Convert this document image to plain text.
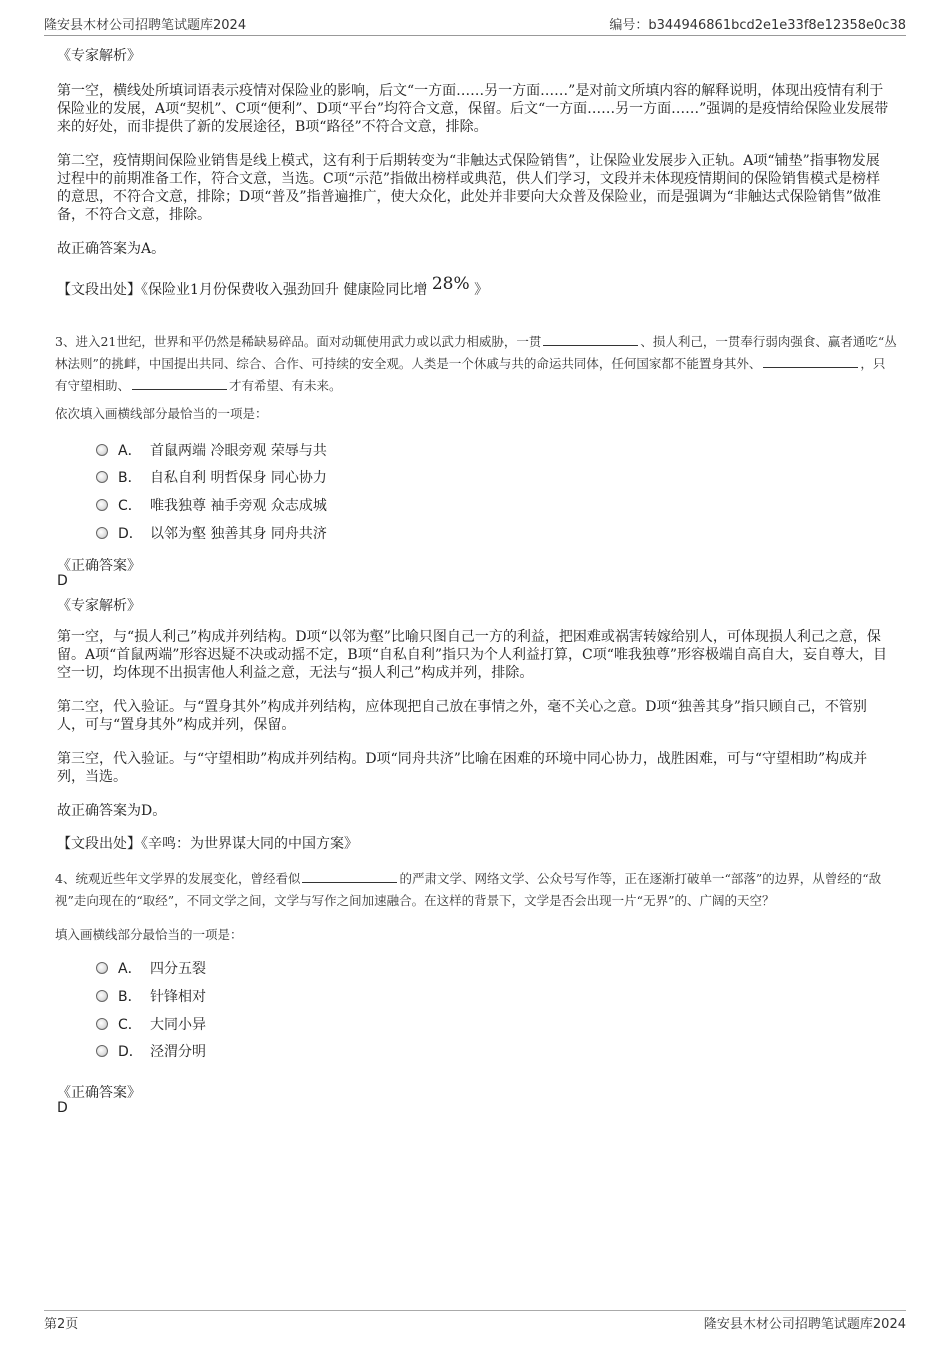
隆安县木材公司招聘笔试题库2024	编号：b344946861bcd2e1e33f8e12358e0c38
《专家解析》
第一空，横线处所填词语表示疫情对保险业的影响，后文“一方面……另一方面……”是对前文所填内容的解释说明，体现出疫情有利于保险业的发展，A项“契机”、C项“便利”、D项“平台”均符合文意，保留。后文“一方面……另一方面……”强调的是疫情给保险业发展带来的好处，而非提供了新的发展途径，B项“路径”不符合文意，排除。
第二空，疫情期间保险业销售是线上模式，这有利于后期转变为“非触达式保险销售”，让保险业发展步入正轨。A项“铺垫”指事物发展过程中的前期准备工作，符合文意，当选。C项“示范”指做出榜样或典范，供人们学习，文段并未体现疫情期间的保险销售模式是榜样的意思，不符合文意，排除；D项“普及”指普遍推广，使大众化，此处并非要向大众普及保险业，而是强调为“非触达式保险销售”做准备，不符合文意，排除。
故正确答案为A。
【文段出处】《保险业1月份保费收入强劲回升 健康险同比增 28% 》
3、进入21世纪，世界和平仍然是稀缺易碎品。面对动辄使用武力或以武力相威胁，一贯	、损人利己，一贯奉行弱肉强食、赢者通吃“丛林法则”的挑衅，中国提出共同、综合、合作、可持续的安全观。人类是一个休戚与共的命运共同体，任何国家都不能置身其外、	，只有守望相助、	才有希望、有未来。
依次填入画横线部分最恰当的一项是：
A． 首鼠两端 冷眼旁观 荣辱与共
B． 自私自利 明哲保身 同心协力
C． 唯我独尊 袖手旁观 众志成城
D． 以邻为壑 独善其身 同舟共济
《正确答案》
D
《专家解析》
第一空，与“损人利己”构成并列结构。D项“以邻为壑”比喻只图自己一方的利益，把困难或祸害转嫁给别人，可体现损人利己之意，保留。A项“首鼠两端”形容迟疑不决或动摇不定，B项“自私自利”指只为个人利益打算，C项“唯我独尊”形容极端自高自大，妄自尊大，目空一切，均体现不出损害他人利益之意，无法与“损人利己”构成并列，排除。
第二空，代入验证。与“置身其外”构成并列结构，应体现把自己放在事情之外，毫不关心之意。D项“独善其身”指只顾自己，不管别人，可与“置身其外”构成并列，保留。
第三空，代入验证。与“守望相助”构成并列结构。D项“同舟共济”比喻在困难的环境中同心协力，战胜困难，可与“守望相助”构成并列，当选。
故正确答案为D。
【文段出处】《辛鸣：为世界谋大同的中国方案》
4、统观近些年文学界的发展变化，曾经看似	的严肃文学、网络文学、公众号写作等，正在逐渐打破单一“部落”的边界，从曾经的“敌视”走向现在的“取经”，不同文学之间，文学与写作之间加速融合。在这样的背景下，文学是否会出现一片“无界”的、广阔的天空？
填入画横线部分最恰当的一项是：
A． 四分五裂
B． 针锋相对
C． 大同小异
D． 泾渭分明
《正确答案》
D
第2页	隆安县木材公司招聘笔试题库2024
